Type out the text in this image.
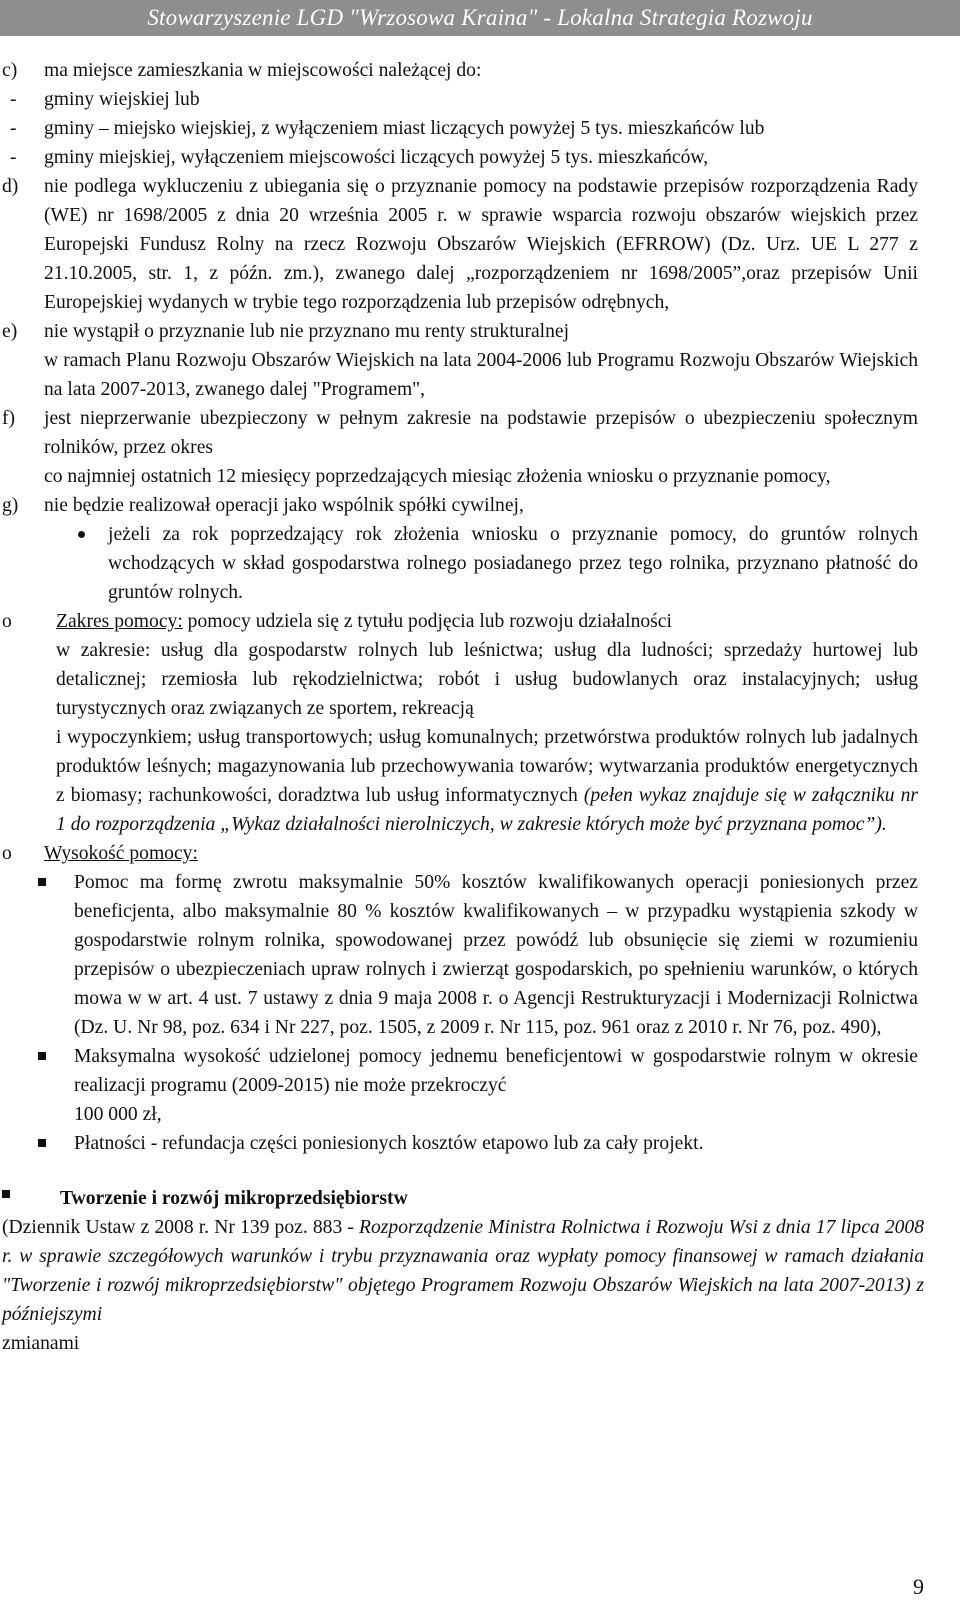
Stowarzyszenie LGD "Wrzosowa Kraina" - Lokalna Strategia Rozwoju
c) ma miejsce zamieszkania w miejscowości należącej do:
- gminy wiejskiej lub
- gminy – miejsko wiejskiej, z wyłączeniem miast liczących powyżej 5 tys. mieszkańców lub
- gminy miejskiej, wyłączeniem miejscowości liczących powyżej 5 tys. mieszkańców,
d) nie podlega wykluczeniu z ubiegania się o przyznanie pomocy na podstawie przepisów rozporządzenia Rady (WE) nr 1698/2005 z dnia 20 września 2005 r. w sprawie wsparcia rozwoju obszarów wiejskich przez Europejski Fundusz Rolny na rzecz Rozwoju Obszarów Wiejskich (EFRROW) (Dz. Urz. UE L 277 z 21.10.2005, str. 1, z późn. zm.), zwanego dalej „rozporządzeniem nr 1698/2005”,oraz przepisów Unii Europejskiej wydanych w trybie tego rozporządzenia lub przepisów odrębnych,
e) nie wystąpił o przyznanie lub nie przyznano mu renty strukturalnej
w ramach Planu Rozwoju Obszarów Wiejskich na lata 2004-2006 lub Programu Rozwoju Obszarów Wiejskich na lata 2007-2013, zwanego dalej "Programem",
f) jest nieprzerwanie ubezpieczony w pełnym zakresie na podstawie przepisów o ubezpieczeniu społecznym rolników, przez okres
co najmniej ostatnich 12 miesięcy poprzedzających miesiąc złożenia wniosku o przyznanie pomocy,
g) nie będzie realizował operacji jako wspólnik spółki cywilnej,
jeżeli za rok poprzedzający rok złożenia wniosku o przyznanie pomocy, do gruntów rolnych wchodzących w skład gospodarstwa rolnego posiadanego przez tego rolnika, przyznano płatność do gruntów rolnych.
o Zakres pomocy: pomocy udziela się z tytułu podjęcia lub rozwoju działalności
w zakresie: usług dla gospodarstw rolnych lub leśnictwa; usług dla ludności; sprzedaży hurtowej lub detalicznej; rzemiosła lub rękodzielnictwa; robót i usług budowlanych oraz instalacyjnych; usług turystycznych oraz związanych ze sportem, rekreacją
i wypoczynkiem; usług transportowych; usług komunalnych; przetwórstwa produktów rolnych lub jadalnych produktów leśnych; magazynowania lub przechowywania towarów; wytwarzania produktów energetycznych z biomasy; rachunkowości, doradztwa lub usług informatycznych (pełen wykaz znajduje się w załączniku nr 1 do rozporządzenia „Wykaz działalności nierolniczych, w zakresie których może być przyznana pomoc”).
o Wysokość pomocy:
Pomoc ma formę zwrotu maksymalnie 50% kosztów kwalifikowanych operacji poniesionych przez beneficjenta, albo maksymalnie 80 % kosztów kwalifikowanych – w przypadku wystąpienia szkody w gospodarstwie rolnym rolnika, spowodowanej przez powódź lub obsunięcie się ziemi w rozumieniu przepisów o ubezpieczeniach upraw rolnych i zwierząt gospodarskich, po spełnieniu warunków, o których mowa w w art. 4 ust. 7 ustawy z dnia 9 maja 2008 r. o Agencji Restrukturyzacji i Modernizacji Rolnictwa (Dz. U. Nr 98, poz. 634 i Nr 227, poz. 1505, z 2009 r. Nr 115, poz. 961 oraz z 2010 r. Nr 76, poz. 490),
Maksymalna wysokość udzielonej pomocy jednemu beneficjentowi w gospodarstwie rolnym w okresie realizacji programu (2009-2015) nie może przekroczyć
100 000 zł,
Płatności - refundacja części poniesionych kosztów etapowo lub za cały projekt.
Tworzenie i rozwój mikroprzedsiębiorstw
(Dziennik Ustaw z 2008 r. Nr 139 poz. 883 - Rozporządzenie Ministra Rolnictwa i Rozwoju Wsi z dnia 17 lipca 2008 r. w sprawie szczegółowych warunków i trybu przyznawania oraz wypłaty pomocy finansowej w ramach działania "Tworzenie i rozwój mikroprzedsiębiorstw" objętego Programem Rozwoju Obszarów Wiejskich na lata 2007-2013) z późniejszymi
zmianami
9
